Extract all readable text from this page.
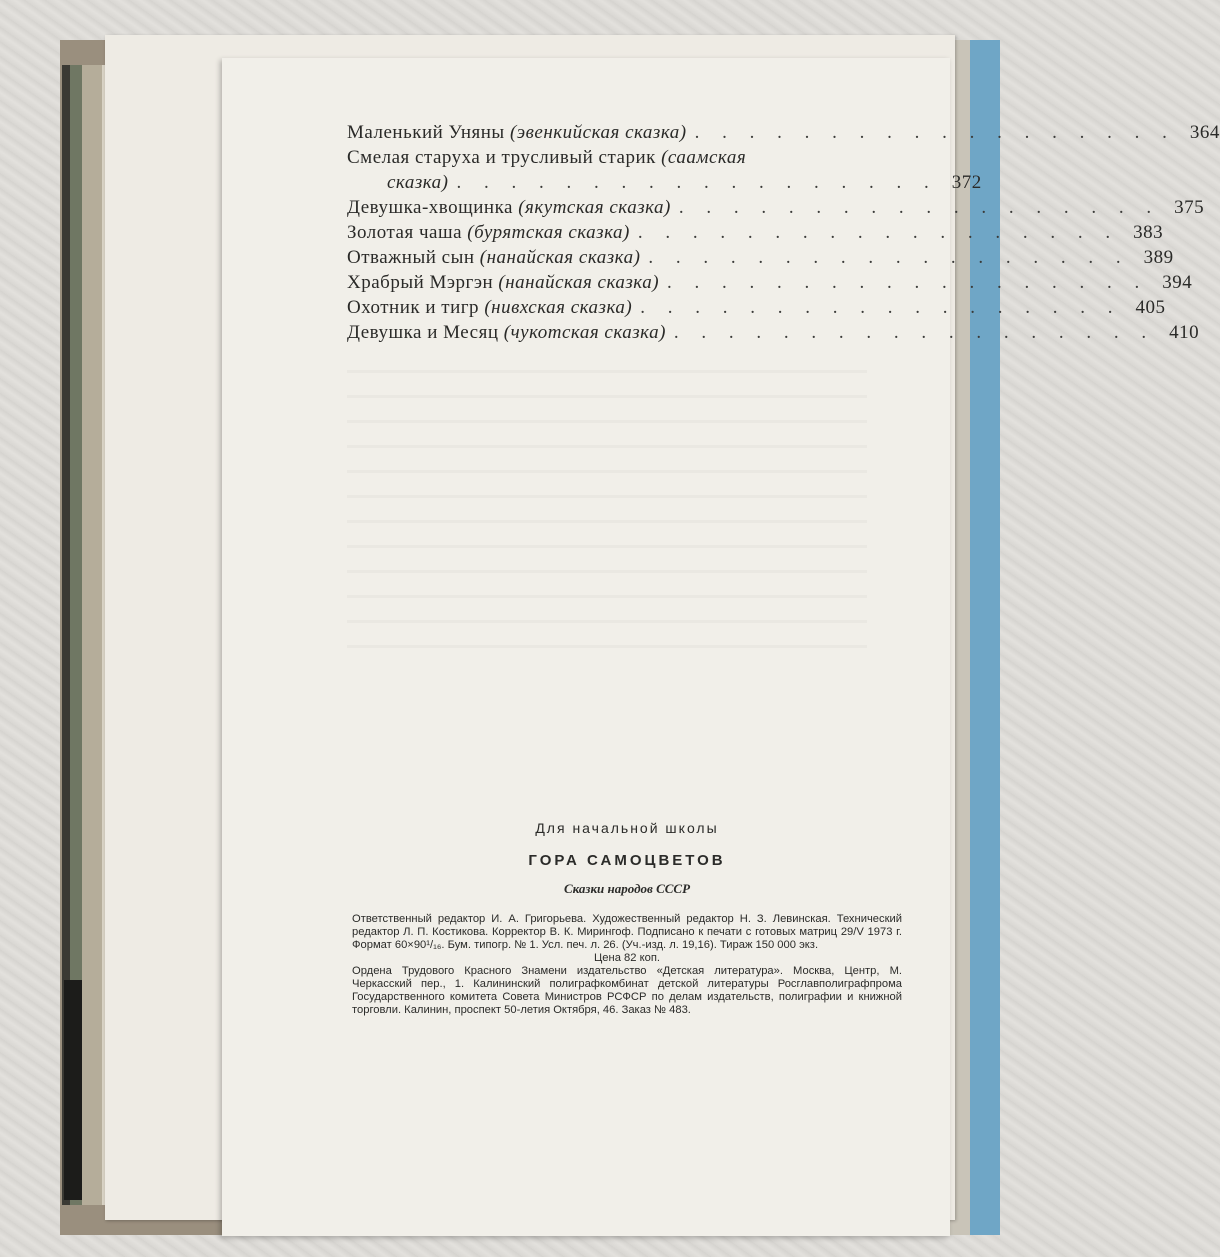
Маленький Уняны (эвенкийская сказка) . . . . . . . . . . . . . . . . . . 364
Смелая старуха и трусливый старик (саамская
сказка) . . . . . . . . . . . . . . . . . . 372
Девушка-хвощинка (якутская сказка) . . . . . . . . . . . . . . . . . . 375
Золотая чаша (бурятская сказка) . . . . . . . . . . . . . . . . . . 383
Отважный сын (нанайская сказка) . . . . . . . . . . . . . . . . . . 389
Храбрый Мэргэн (нанайская сказка) . . . . . . . . . . . . . . . . . . 394
Охотник и тигр (нивхская сказка) . . . . . . . . . . . . . . . . . . 405
Девушка и Месяц (чукотская сказка) . . . . . . . . . . . . . . . . . . 410

Для начальной школы

ГОРА САМОЦВЕТОВ

Сказки народов СССР

Ответственный редактор И. А. Григорьева. Художественный редактор Н. З. Левинская. Технический редактор Л. П. Костикова. Корректор В. К. Мирингоф. Подписано к печати с готовых матриц 29/V 1973 г. Формат 60×90¹/₁₆. Бум. типогр. № 1. Усл. печ. л. 26. (Уч.-изд. л. 19,16). Тираж 150 000 экз.

Цена 82 коп.

Ордена Трудового Красного Знамени издательство «Детская литература». Москва, Центр, М. Черкасский пер., 1. Калининский полиграфкомбинат детской литературы Росглавполиграфпрома Государственного комитета Совета Министров РСФСР по делам издательств, полиграфии и книжной торговли. Калинин, проспект 50-летия Октября, 46. Заказ № 483.
